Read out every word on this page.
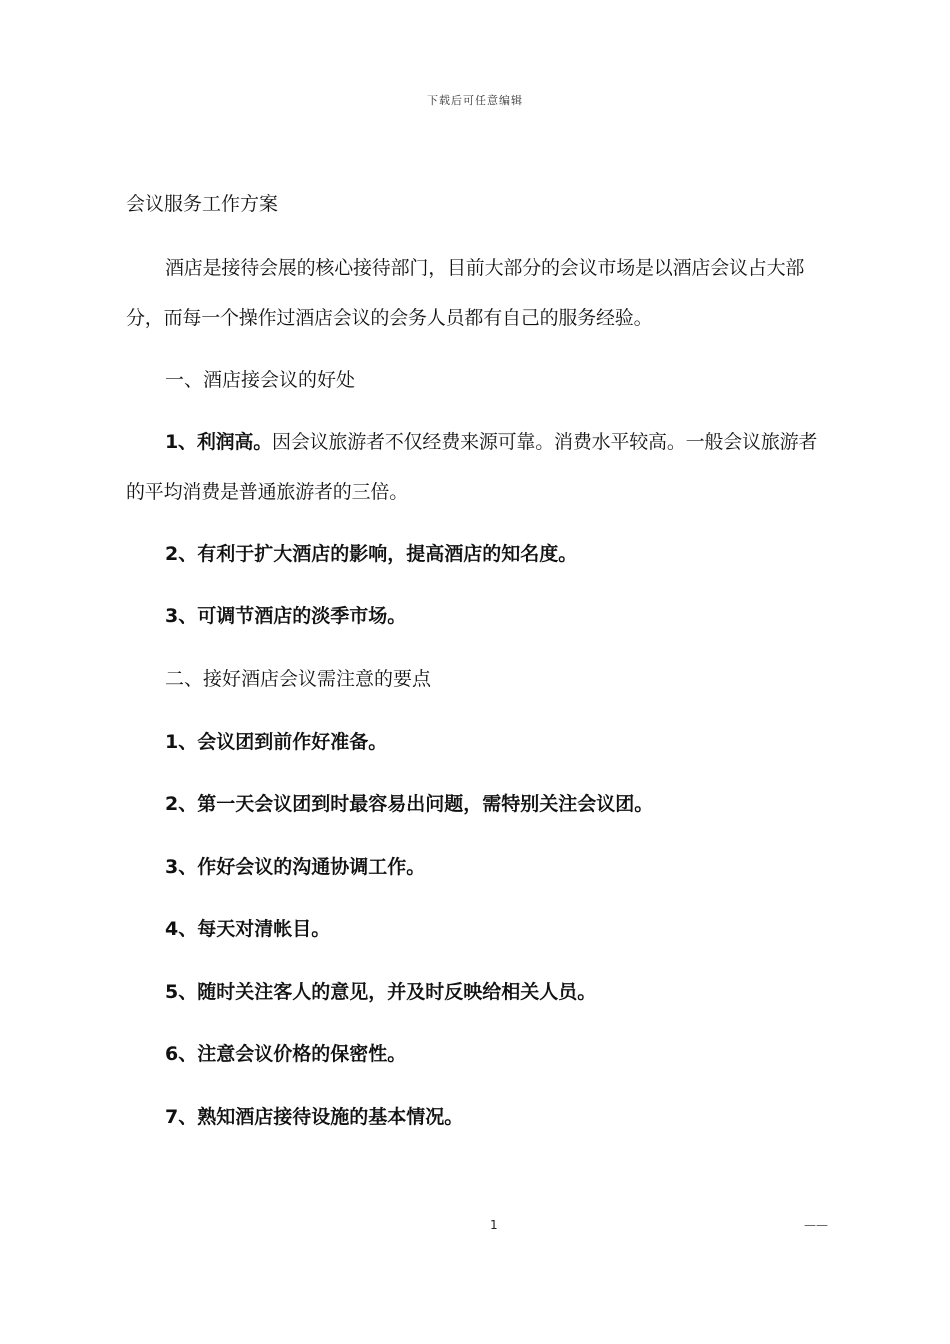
下载后可任意编辑
会议服务工作方案
酒店是接待会展的核心接待部门，目前大部分的会议市场是以酒店会议占大部
分，而每一个操作过酒店会议的会务人员都有自己的服务经验。
一、酒店接会议的好处
1、利润高。因会议旅游者不仅经费来源可靠。消费水平较高。一般会议旅游者
的平均消费是普通旅游者的三倍。
2、有利于扩大酒店的影响，提高酒店的知名度。
3、可调节酒店的淡季市场。
二、接好酒店会议需注意的要点
1、会议团到前作好准备。
2、第一天会议团到时最容易出问题，需特别关注会议团。
3、作好会议的沟通协调工作。
4、每天对清帐目。
5、随时关注客人的意见，并及时反映给相关人员。
6、注意会议价格的保密性。
7、熟知酒店接待设施的基本情况。
1	——
